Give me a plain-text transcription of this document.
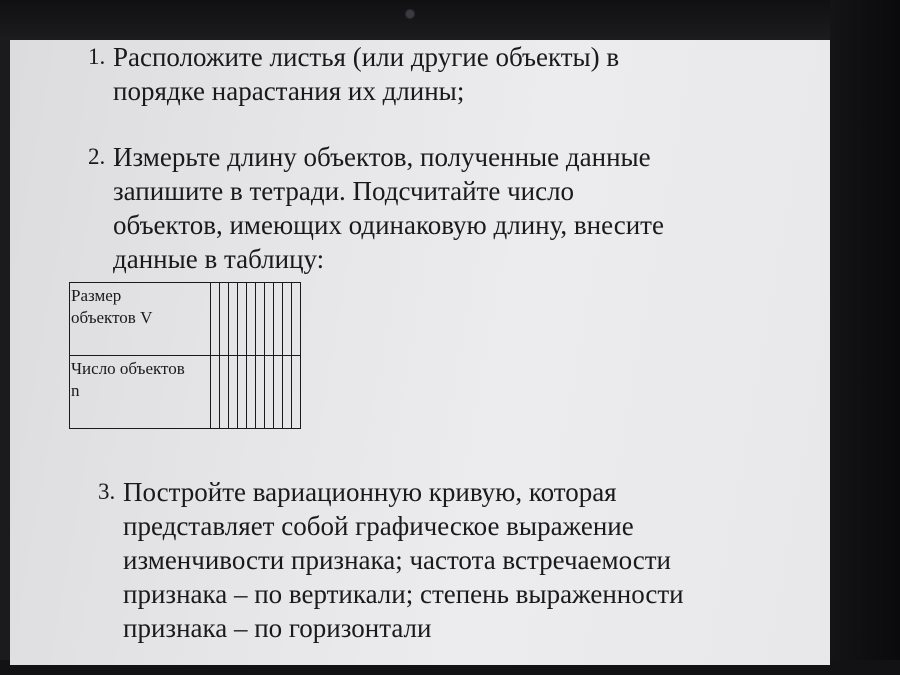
1. Расположите листья (или другие объекты) в
порядке нарастания их длины;

2. Измерьте длину объектов, полученные данные
запишите в тетради. Подсчитайте число
объектов, имеющих одинаковую длину, внесите
данные в таблицу:

Размер
объектов V										
Число объектов
n										

3. Постройте вариационную кривую, которая
представляет собой графическое выражение
изменчивости признака; частота встречаемости
признака – по вертикали; степень выраженности
признака – по горизонтали
